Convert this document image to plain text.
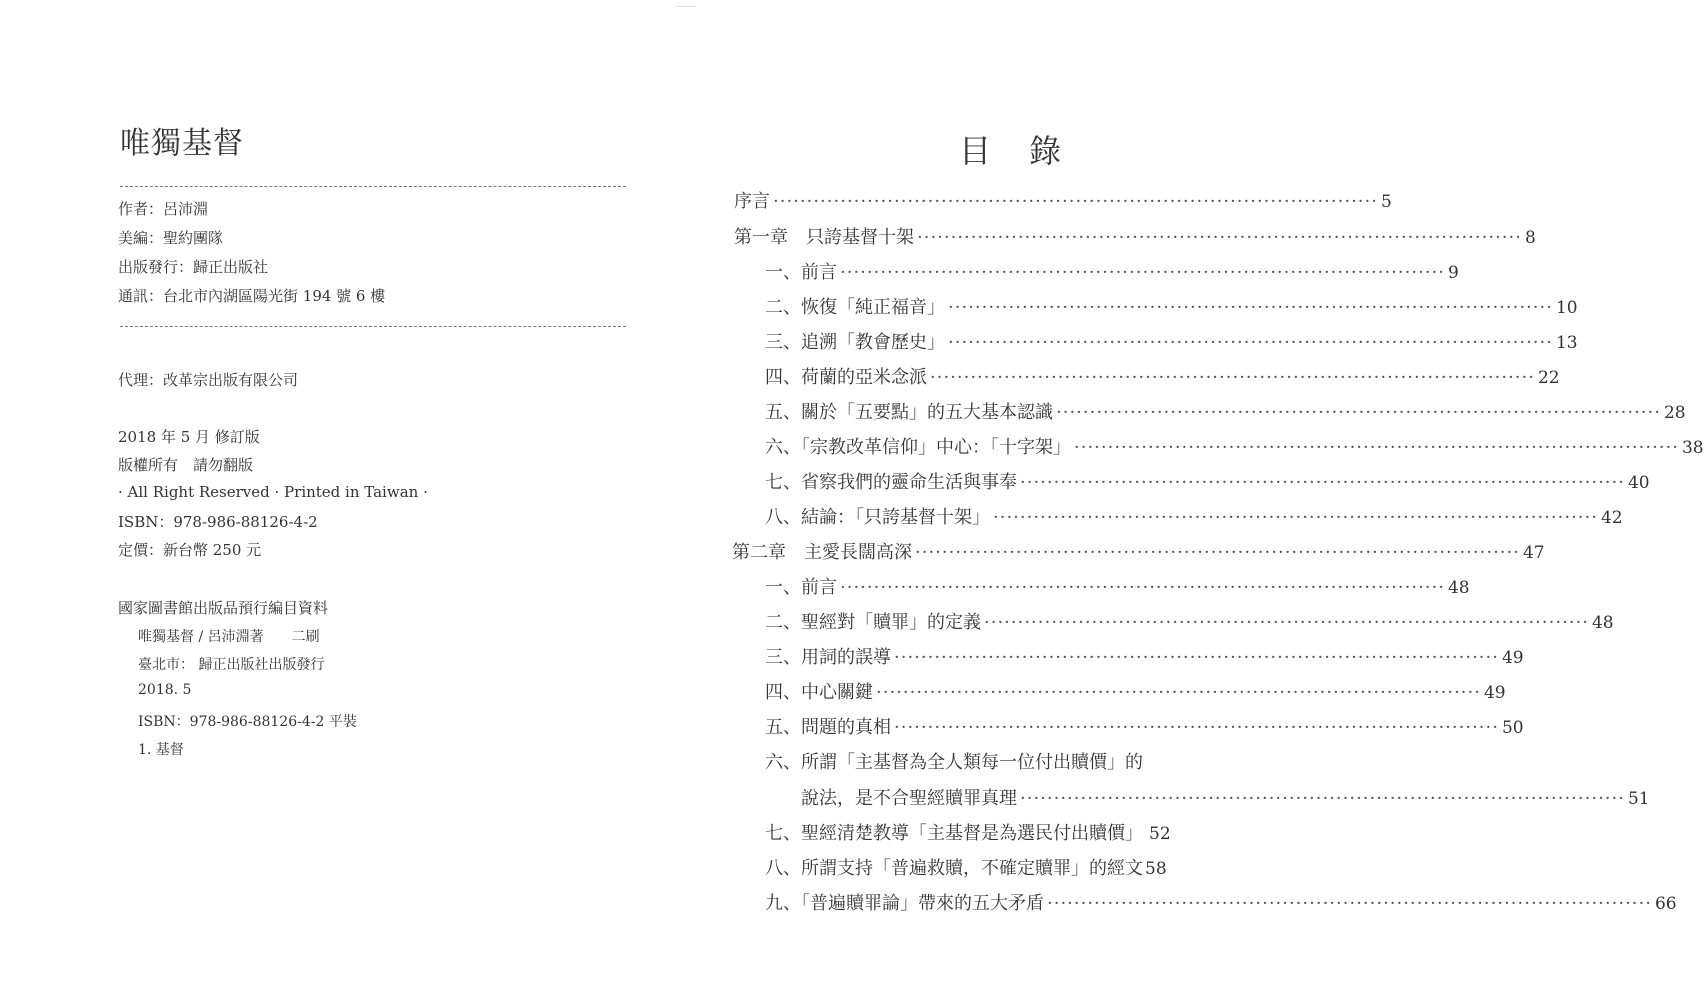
唯獨基督
作者：呂沛淵
美編：聖約團隊
出版發行：歸正出版社
通訊：台北市內湖區陽光街 194 號 6 樓
代理：改革宗出版有限公司
2018 年 5 月 修訂版
版權所有　請勿翻版
· All Right Reserved · Printed in Taiwan ·
ISBN：978-986-88126-4-2
定價：新台幣 250 元
國家圖書館出版品預行編目資料
唯獨基督 / 呂沛淵著　　二刷
臺北市： 歸正出版社出版發行
2018. 5
ISBN：978-986-88126-4-2 平裝
1. 基督
目 錄
序言 ·························································································· 5
第一章　只誇基督十架 ·························································································· 8
一、前言 ·························································································· 9
二、恢復「純正福音」 ·························································································· 10
三、追溯「教會歷史」 ·························································································· 13
四、荷蘭的亞米念派 ·························································································· 22
五、關於「五要點」的五大基本認識 ·························································································· 28
六、「宗教改革信仰」中心：「十字架」 ·························································································· 38
七、省察我們的靈命生活與事奉 ·························································································· 40
八、結論：「只誇基督十架」 ·························································································· 42
第二章　主愛長闊高深 ·························································································· 47
一、前言 ·························································································· 48
二、聖經對「贖罪」的定義 ·························································································· 48
三、用詞的誤導 ·························································································· 49
四、中心關鍵 ·························································································· 49
五、問題的真相 ·························································································· 50
六、所謂「主基督為全人類每一位付出贖價」的
說法，是不合聖經贖罪真理 ·························································································· 51
七、聖經清楚教導「主基督是為選民付出贖價」 52
八、所謂支持「普遍救贖，不確定贖罪」的經文 58
九、「普遍贖罪論」帶來的五大矛盾 ·························································································· 66
